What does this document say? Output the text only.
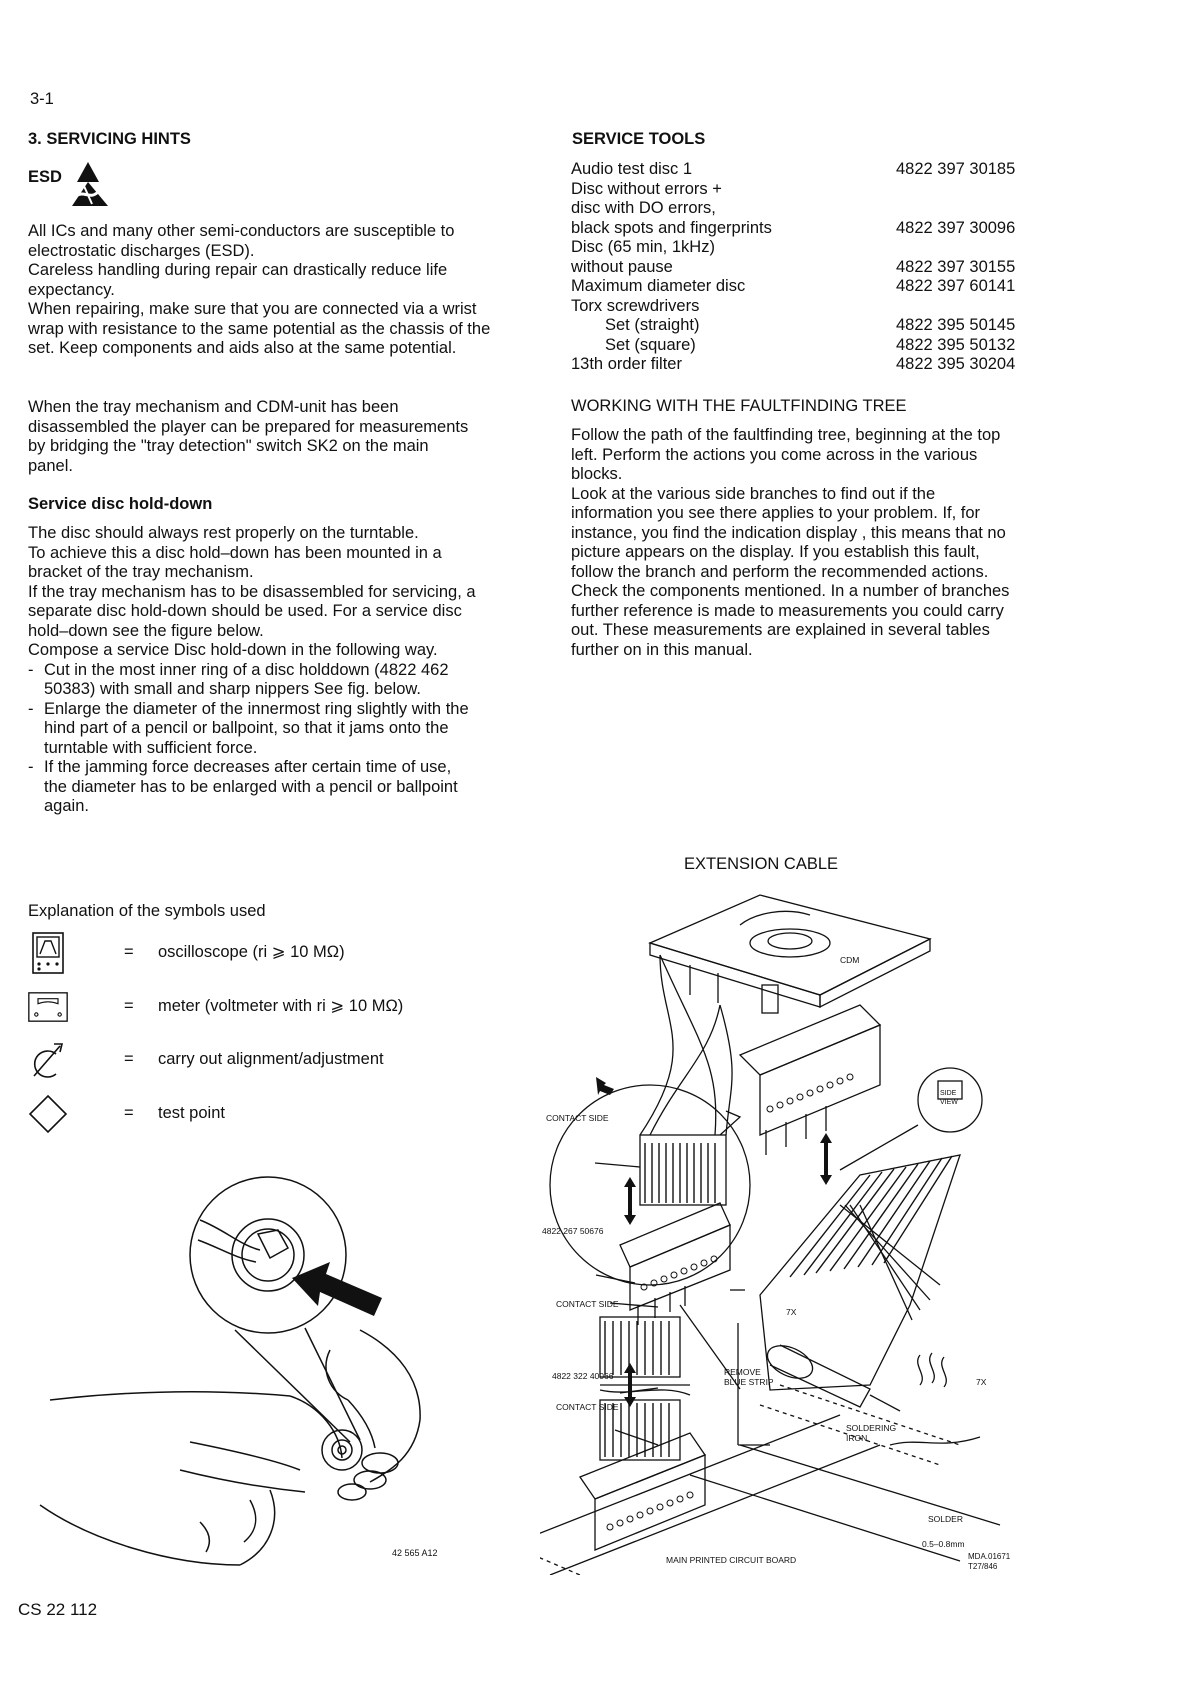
3-1
3. SERVICING HINTS
ESD

All ICs and many other semi-conductors are susceptible to electrostatic discharges (ESD).

Careless handling during repair can drastically reduce life expectancy.

When repairing, make sure that you are connected via a wrist wrap with resistance to the same potential as the chassis of the set. Keep components and aids also at the same potential.

When the tray mechanism and CDM-unit has been disassembled the player can be prepared for measurements by bridging the "tray detection" switch SK2 on the main panel.

Service disc hold-down

The disc should always rest properly on the turntable.

To achieve this a disc hold–down has been mounted in a bracket of the tray mechanism.

If the tray mechanism has to be disassembled for servicing, a separate disc hold-down should be used. For a service disc hold–down see the figure below.

Compose a service Disc hold-down in the following way.

- Cut in the most inner ring of a disc holddown (4822 462 50383) with small and sharp nippers See fig. below.
- Enlarge the diameter of the innermost ring slightly with the hind part of a pencil or ballpoint, so that it jams onto the turntable with sufficient force.
- If the jamming force decreases after certain time of use, the diameter has to be enlarged with a pencil or ballpoint again.
Explanation of the symbols used
= oscilloscope (ri ⩾ 10 MΩ)
= meter (voltmeter with ri ⩾ 10 MΩ)
= carry out alignment/adjustment
= test point
42 565 A12
SERVICE TOOLS
Audio test disc 1	4822 397 30185
Disc without errors +
disc with DO errors,
black spots and fingerprints	4822 397 30096
Disc (65 min, 1kHz)
without pause	4822 397 30155
Maximum diameter disc	4822 397 60141
Torx screwdrivers
Set (straight)	4822 395 50145
Set (square)	4822 395 50132
13th order filter	4822 395 30204
WORKING WITH THE FAULTFINDING TREE

Follow the path of the faultfinding tree, beginning at the top left. Perform the actions you come across in the various blocks.

Look at the various side branches to find out if the information you see there applies to your problem. If, for instance, you find the indication display , this means that no picture appears on the display. If you establish this fault, follow the branch and perform the recommended actions. Check the components mentioned. In a number of branches further reference is made to measurements you could carry out. These measurements are explained in several tables further on in this manual.

EXTENSION CABLE
CDM
CONTACT SIDE
4822 267 50676
CONTACT SIDE
4822 322 40066	REMOVE
BLUE STRIP
CONTACT SIDE
SIDE
VIEW
7X
7X
SOLDERING
IRON
SOLDER
0.5–0.8mm
MAIN PRINTED CIRCUIT BOARD	MDA.01671
T27/846
CS 22 112
